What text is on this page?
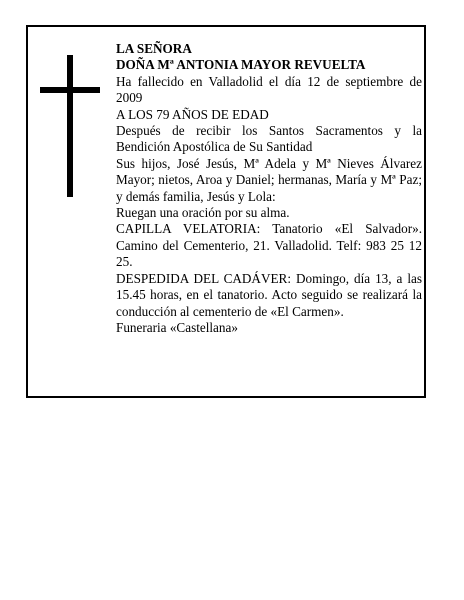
LA SEÑORA

DOÑA Mª ANTONIA MAYOR REVUELTA

Ha fallecido en Valladolid el día 12 de septiembre de 2009

A LOS 79 AÑOS DE EDAD

Después de recibir los Santos Sacramentos y la Bendición Apostólica de Su Santidad

Sus hijos, José Jesús, Mª Adela y Mª Nieves Álvarez Mayor; nietos, Aroa y Daniel; hermanas, María y Mª Paz; y demás familia, Jesús y Lola:

Ruegan una oración por su alma.

CAPILLA VELATORIA: Tanatorio «El Salvador». Camino del Cementerio, 21. Valladolid. Telf: 983 25 12 25.

DESPEDIDA DEL CADÁVER: Domingo, día 13, a las 15.45 horas, en el tanatorio. Acto seguido se realizará la conducción al cementerio de «El Carmen».

Funeraria «Castellana»
